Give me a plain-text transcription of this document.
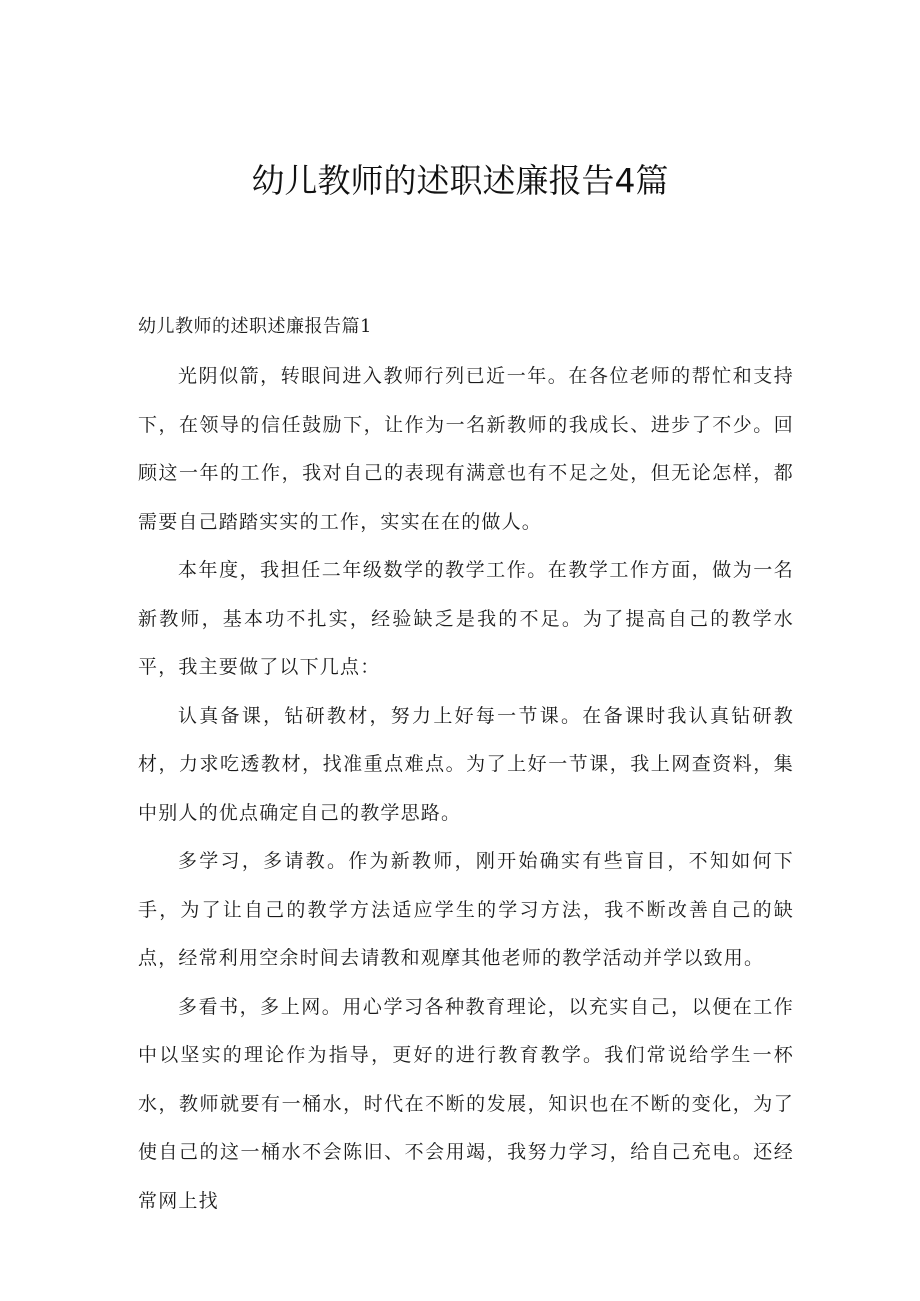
幼儿教师的述职述廉报告4篇
幼儿教师的述职述廉报告篇1

光阴似箭，转眼间进入教师行列已近一年。在各位老师的帮忙和支持下，在领导的信任鼓励下，让作为一名新教师的我成长、进步了不少。回顾这一年的工作，我对自己的表现有满意也有不足之处，但无论怎样，都需要自己踏踏实实的工作，实实在在的做人。

本年度，我担任二年级数学的教学工作。在教学工作方面，做为一名新教师，基本功不扎实，经验缺乏是我的不足。为了提高自己的教学水平，我主要做了以下几点：

认真备课，钻研教材，努力上好每一节课。在备课时我认真钻研教材，力求吃透教材，找准重点难点。为了上好一节课，我上网查资料，集中别人的优点确定自己的教学思路。

多学习，多请教。作为新教师，刚开始确实有些盲目，不知如何下手，为了让自己的教学方法适应学生的学习方法，我不断改善自己的缺点，经常利用空余时间去请教和观摩其他老师的教学活动并学以致用。

多看书，多上网。用心学习各种教育理论，以充实自己，以便在工作中以坚实的理论作为指导，更好的进行教育教学。我们常说给学生一杯水，教师就要有一桶水，时代在不断的发展，知识也在不断的变化，为了使自己的这一桶水不会陈旧、不会用竭，我努力学习，给自己充电。还经常网上找
